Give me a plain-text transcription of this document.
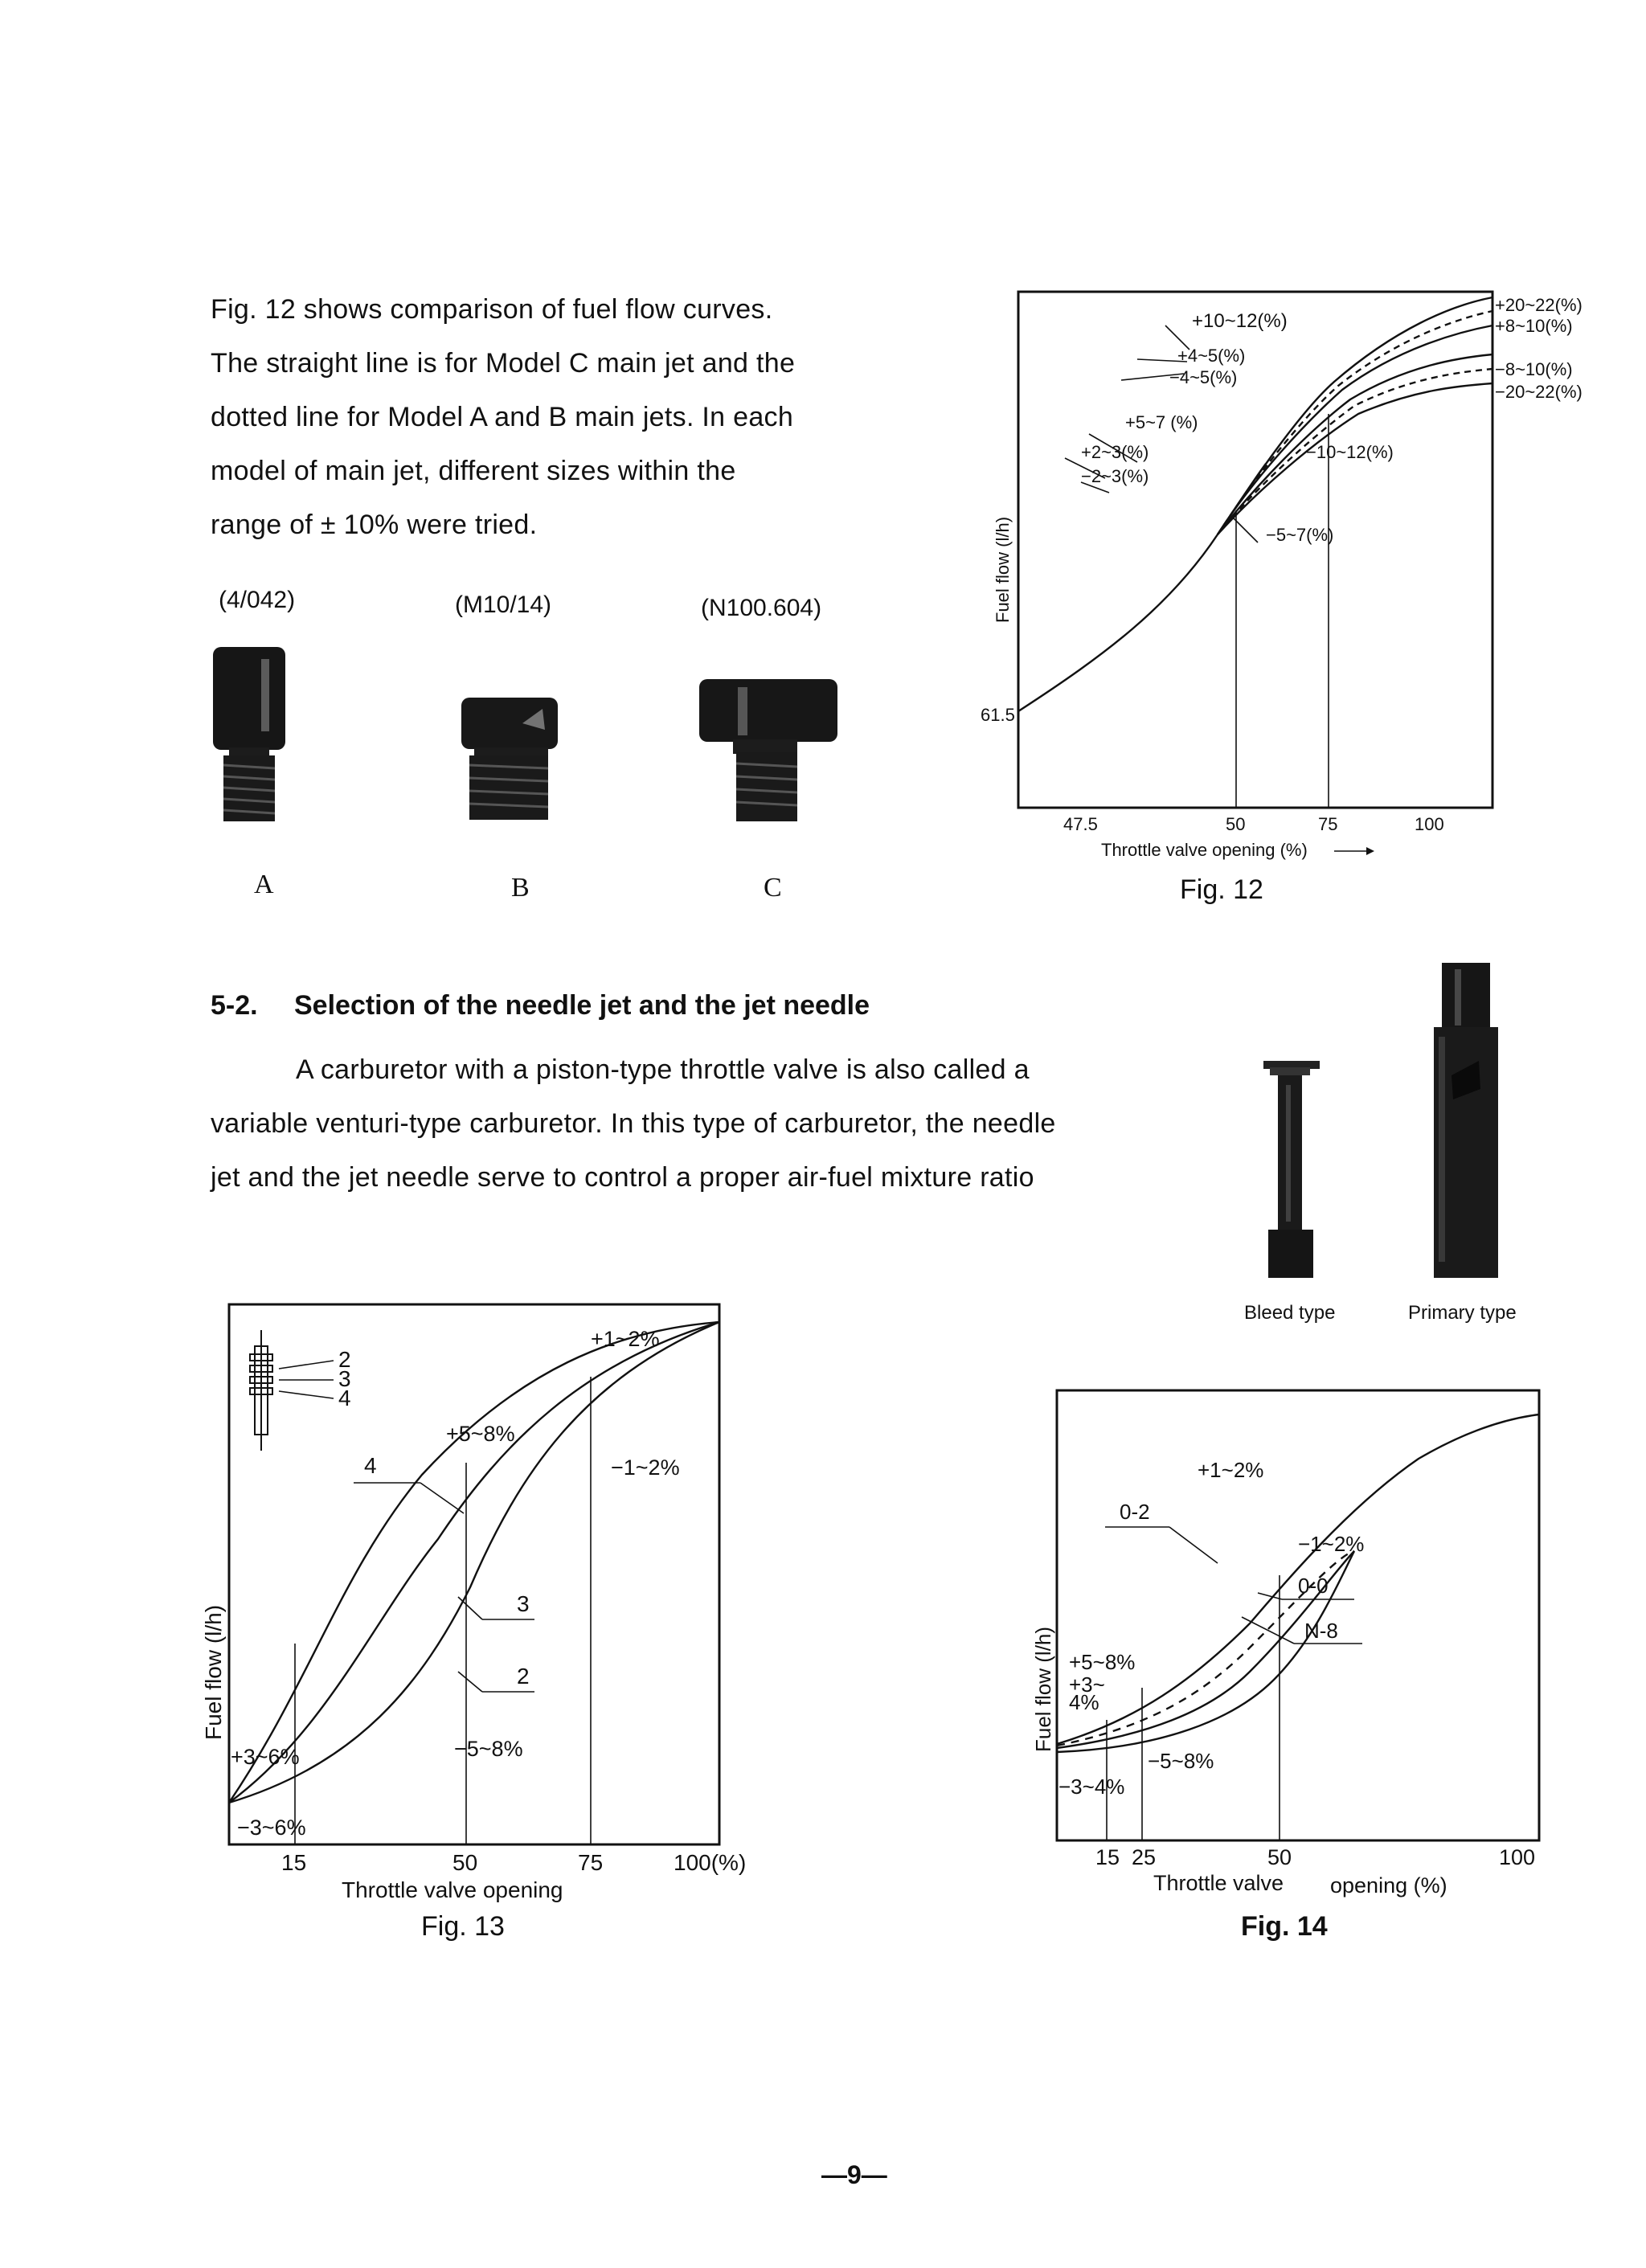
Fig. 12 shows comparison of fuel flow curves.
The straight line is for Model C main jet and the
dotted line for Model A and B main jets. In each
model of main jet, different sizes within the
range of ± 10% were tried.
(4/042)	(M10/14)	(N100.604)
A	B	C
+10~12(%)
+4~5(%)
−4~5(%)
+5~7 (%)
+2~3(%)
−2~3(%)
+20~22(%)
+8~10(%)
−8~10(%)
−20~22(%)
−10~12(%)
−5~7(%)
61.5
Fuel flow (l/h)
47.5	50	75	100
Throttle valve opening (%)
Fig. 12
5-2. Selection of the needle jet and the jet needle
A carburetor with a piston-type throttle valve is also called a
variable venturi-type carburetor. In this type of carburetor, the needle
jet and the jet needle serve to control a proper air-fuel mixture ratio
Bleed type	Primary type
2
3
4
4
3
2
+1~2%
+5~8%
−1~2%
+3~6%	−5~8%
−3~6%
Fuel flow (l/h)
15	50	75	100(%)
Throttle valve opening
Fig. 13
0-2
0-0
N-8
+1~2%
−1~2%
+5~8%
+3~
4%
−5~8%
−3~4%
Fuel flow (l/h)
15 25	50	100
Throttle valve opening (%)
Fig. 14
—9—
